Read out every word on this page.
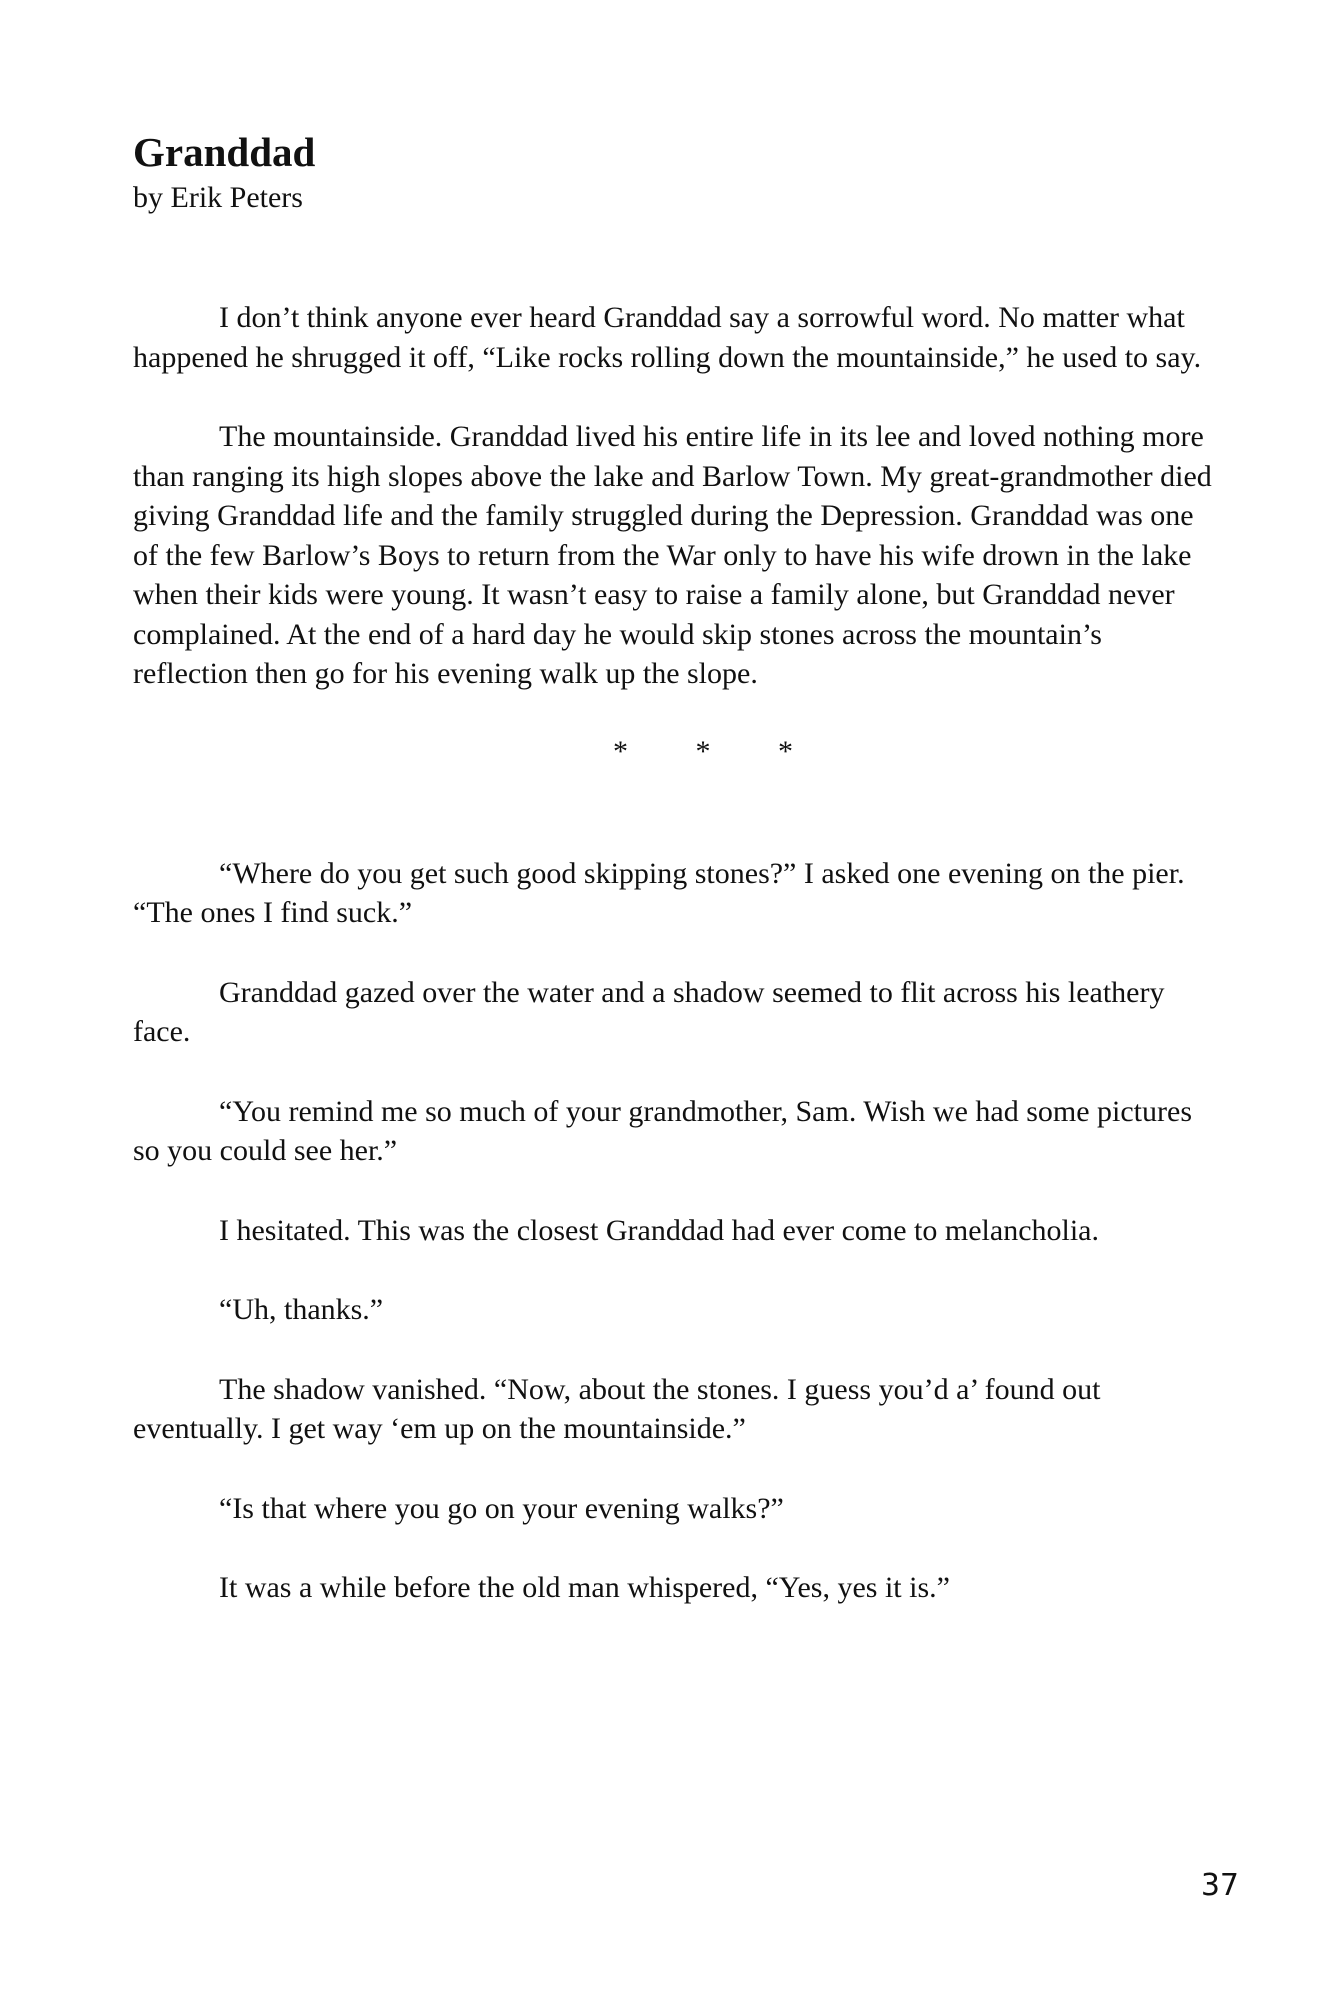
Granddad
by Erik Peters

I don’t think anyone ever heard Granddad say a sorrowful word. No matter what happened he shrugged it off, “Like rocks rolling down the mountainside,” he used to say.

The mountainside. Granddad lived his entire life in its lee and loved nothing more than ranging its high slopes above the lake and Barlow Town. My great-grandmother died giving Granddad life and the family struggled during the Depression. Granddad was one of the few Barlow’s Boys to return from the War only to have his wife drown in the lake when their kids were young. It wasn’t easy to raise a family alone, but Granddad never complained. At the end of a hard day he would skip stones across the mountain’s reflection then go for his evening walk up the slope.

* * *

“Where do you get such good skipping stones?” I asked one evening on the pier. “The ones I find suck.”

Granddad gazed over the water and a shadow seemed to flit across his leathery face.

“You remind me so much of your grandmother, Sam. Wish we had some pictures so you could see her.”

I hesitated. This was the closest Granddad had ever come to melancholia.

“Uh, thanks.”

The shadow vanished. “Now, about the stones. I guess you’d a’ found out eventually. I get way ‘em up on the mountainside.”

“Is that where you go on your evening walks?”

It was a while before the old man whispered, “Yes, yes it is.”

37
